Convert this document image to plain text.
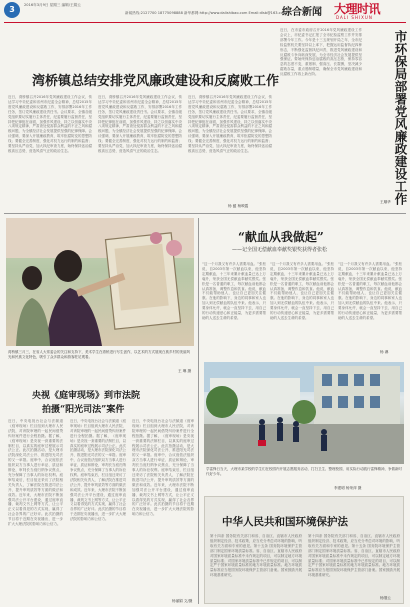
3	2016年3月9日 星期三 编辑/王娟云
新闻热线:2127700 18775098888 新华都网:http://www.dalishibao.com Email:dlsb@163.com
综合新闻 大理时讯
DALI SHIXUN
湾桥镇总结安排党风廉政建设和反腐败工作
近日，湾桥镇召开2016年党风廉政建设工作会议，传达学习中央纪委和省州市纪委全会精神，总结2015年度党风廉政建设和反腐败工作，安排部署2016年工作任务，签订党风廉政建设责任书。会议要求，全镇各级党组织要切实履行主体责任，纪委要履行监督责任，坚持把纪律挺在前面，加强作风建设，持之以恒落实中央八项规定精神，严肃查处侵害群众利益的不正之风和腐败问题，为全镇经济社会发展提供坚强的纪律保障。会议强调，要深入开展廉政教育，筑牢拒腐防变的思想防线；要健全完善制度，强化对权力运行的制约和监督；要坚持从严治党，加大执纪审查力度，始终保持惩治腐败高压态势，营造风清气正的政治生态。
近日，湾桥镇召开2016年党风廉政建设工作会议，传达学习中央纪委和省州市纪委全会精神，总结2015年度党风廉政建设和反腐败工作，安排部署2016年工作任务，签订党风廉政建设责任书。会议要求，全镇各级党组织要切实履行主体责任，纪委要履行监督责任，坚持把纪律挺在前面，加强作风建设，持之以恒落实中央八项规定精神，严肃查处侵害群众利益的不正之风和腐败问题，为全镇经济社会发展提供坚强的纪律保障。会议强调，要深入开展廉政教育，筑牢拒腐防变的思想防线；要健全完善制度，强化对权力运行的制约和监督；要坚持从严治党，加大执纪审查力度，始终保持惩治腐败高压态势，营造风清气正的政治生态。
近日，湾桥镇召开2016年党风廉政建设工作会议，传达学习中央纪委和省州市纪委全会精神，总结2015年度党风廉政建设和反腐败工作，安排部署2016年工作任务，签订党风廉政建设责任书。会议要求，全镇各级党组织要切实履行主体责任，纪委要履行监督责任，坚持把纪律挺在前面，加强作风建设，持之以恒落实中央八项规定精神，严肃查处侵害群众利益的不正之风和腐败问题，为全镇经济社会发展提供坚强的纪律保障。会议强调，要深入开展廉政教育，筑牢拒腐防变的思想防线；要健全完善制度，强化对权力运行的制约和监督；要坚持从严治党，加大执纪审查力度，始终保持惩治腐败高压态势，营造风清气正的政治生态。
杨 蕴 杨映霞
近日，在市委市政府召开2016年党风廉政建设工作会议上，市纪委书记汇报了全市纪检监察工作并安排部署今年工作。今年是十三五规划开局之年，全市纪检监察机关要坚持以上率下，把握运用监督执纪四种形态，不断强化监督执纪问责，推进党风廉政建设和反腐败斗争向纵深发展，为全市经济社会发展提供坚强保证。要始终保持惩治腐败的高压态势，保持零容忍的态度不变，重遏制、强高压、长震慑，坚决减少腐败存量，重点遏制增量，确保全市党风廉政建设和反腐败工作再上新台阶。
王顺华 市环保局部署党风廉政建设工作
湾桥镇三月三，在省人大常委会的关注和支持下，美术学生在湾桥进行写生创作，以艺术的方式展现白族乡村的美丽风光和民族文化特色，吸引了众多群众和游客驻足观看。
王 琳 摄
“献血从我做起”
——记全国无偿献血奉献奖银奖获得者张松
“这一个月我又有许多人需要用血。”张松说，自2003年第一次献血以来，他坚持定期献血，十三年来累计献血量已达上万毫升，荣获全国无偿献血奉献奖银奖。张松是一名普通的职工，每次献血前他都会认真准备，调整作息和饮食。他说，献血不仅能帮助他人，也让自己更加关注健康。在他的影响下，身边的同事和家人也加入到无偿献血的队伍中来。他表示，只要身体允许，就会一直坚持下去，用自己的行动传递爱心和正能量，为更多需要帮助的人送去生命的希望。
“这一个月我又有许多人需要用血。”张松说，自2003年第一次献血以来，他坚持定期献血，十三年来累计献血量已达上万毫升，荣获全国无偿献血奉献奖银奖。张松是一名普通的职工，每次献血前他都会认真准备，调整作息和饮食。他说，献血不仅能帮助他人，也让自己更加关注健康。在他的影响下，身边的同事和家人也加入到无偿献血的队伍中来。他表示，只要身体允许，就会一直坚持下去，用自己的行动传递爱心和正能量，为更多需要帮助的人送去生命的希望。
“这一个月我又有许多人需要用血。”张松说，自2003年第一次献血以来，他坚持定期献血，十三年来累计献血量已达上万毫升，荣获全国无偿献血奉献奖银奖。张松是一名普通的职工，每次献血前他都会认真准备，调整作息和饮食。他说，献血不仅能帮助他人，也让自己更加关注健康。在他的影响下，身边的同事和家人也加入到无偿献血的队伍中来。他表示，只要身体允许，就会一直坚持下去，用自己的行动传递爱心和正能量，为更多需要帮助的人送去生命的希望。
杨 淋
央视《庭审现场》到市法院
拍摄“阳光司法”案件
近日，中央电视台社会与法频道《庭审现场》栏目组到大理市人民法院，对该院审理的一起民间借贷纠纷案件进行全程拍摄。据了解，《庭审现场》是央视一套重要的法制栏目，以真实的庭审过程展示司法公正。此次拍摄活动，是大理市法院深化司法公开、推进阳光司法的又一举措。庭审中，合议庭依法组织双方当事人进行举证、质证和辩论，审判长当庭归纳争议焦点，充分保障了当事人的诉讼权利。庭审结束后，栏目组还采访了法院相关负责人，了解法院在推进司法公开、提升审判质效等方面的做法和成效。近年来，大理市法院不断加强司法公开平台建设，通过庭审直播、裁判文书上网等方式，让公平正义以看得见的方式实现，赢得了社会各界的广泛好评。此次拍摄的节目将于近期在央视播出，进一步扩大大理法院的影响力和公信力。
近日，中央电视台社会与法频道《庭审现场》栏目组到大理市人民法院，对该院审理的一起民间借贷纠纷案件进行全程拍摄。据了解，《庭审现场》是央视一套重要的法制栏目，以真实的庭审过程展示司法公正。此次拍摄活动，是大理市法院深化司法公开、推进阳光司法的又一举措。庭审中，合议庭依法组织双方当事人进行举证、质证和辩论，审判长当庭归纳争议焦点，充分保障了当事人的诉讼权利。庭审结束后，栏目组还采访了法院相关负责人，了解法院在推进司法公开、提升审判质效等方面的做法和成效。近年来，大理市法院不断加强司法公开平台建设，通过庭审直播、裁判文书上网等方式，让公平正义以看得见的方式实现，赢得了社会各界的广泛好评。此次拍摄的节目将于近期在央视播出，进一步扩大大理法院的影响力和公信力。
近日，中央电视台社会与法频道《庭审现场》栏目组到大理市人民法院，对该院审理的一起民间借贷纠纷案件进行全程拍摄。据了解，《庭审现场》是央视一套重要的法制栏目，以真实的庭审过程展示司法公正。此次拍摄活动，是大理市法院深化司法公开、推进阳光司法的又一举措。庭审中，合议庭依法组织双方当事人进行举证、质证和辩论，审判长当庭归纳争议焦点，充分保障了当事人的诉讼权利。庭审结束后，栏目组还采访了法院相关负责人，了解法院在推进司法公开、提升审判质效等方面的做法和成效。近年来，大理市法院不断加强司法公开平台建设，通过庭审直播、裁判文书上网等方式，让公平正义以看得见的方式实现，赢得了社会各界的广泛好评。此次拍摄的节目将于近期在央视播出，进一步扩大大理法院的影响力和公信力。
杨丽娟 文/摄
学雷锋日当天，大理市某学校的学生们在校园内开展志愿服务活动，打扫卫生、整理校园，用实际行动践行雷锋精神，争做新时代好少年。
李建明 杨荣萍 摄
中华人民共和国环境保护法
第十四条 国务院有关部门和省、自治区、直辖市人民政府组织制定经济、技术政策，应当充分考虑对环境的影响，听取有关方面和专家的意见。第十五条 国务院环境保护主管部门制定国家环境质量标准。省、自治区、直辖市人民政府对国家环境质量标准中未作规定的项目，可以制定地方环境质量标准；对国家环境质量标准中已作规定的项目，可以制定严于国家环境质量标准的地方环境质量标准。地方环境质量标准应当报国务院环境保护主管部门备案。国家鼓励开展环境基准研究。
第十四条 国务院有关部门和省、自治区、直辖市人民政府组织制定经济、技术政策，应当充分考虑对环境的影响，听取有关方面和专家的意见。第十五条 国务院环境保护主管部门制定国家环境质量标准。省、自治区、直辖市人民政府对国家环境质量标准中未作规定的项目，可以制定地方环境质量标准；对国家环境质量标准中已作规定的项目，可以制定严于国家环境质量标准的地方环境质量标准。地方环境质量标准应当报国务院环境保护主管部门备案。国家鼓励开展环境基准研究。
杨继云
